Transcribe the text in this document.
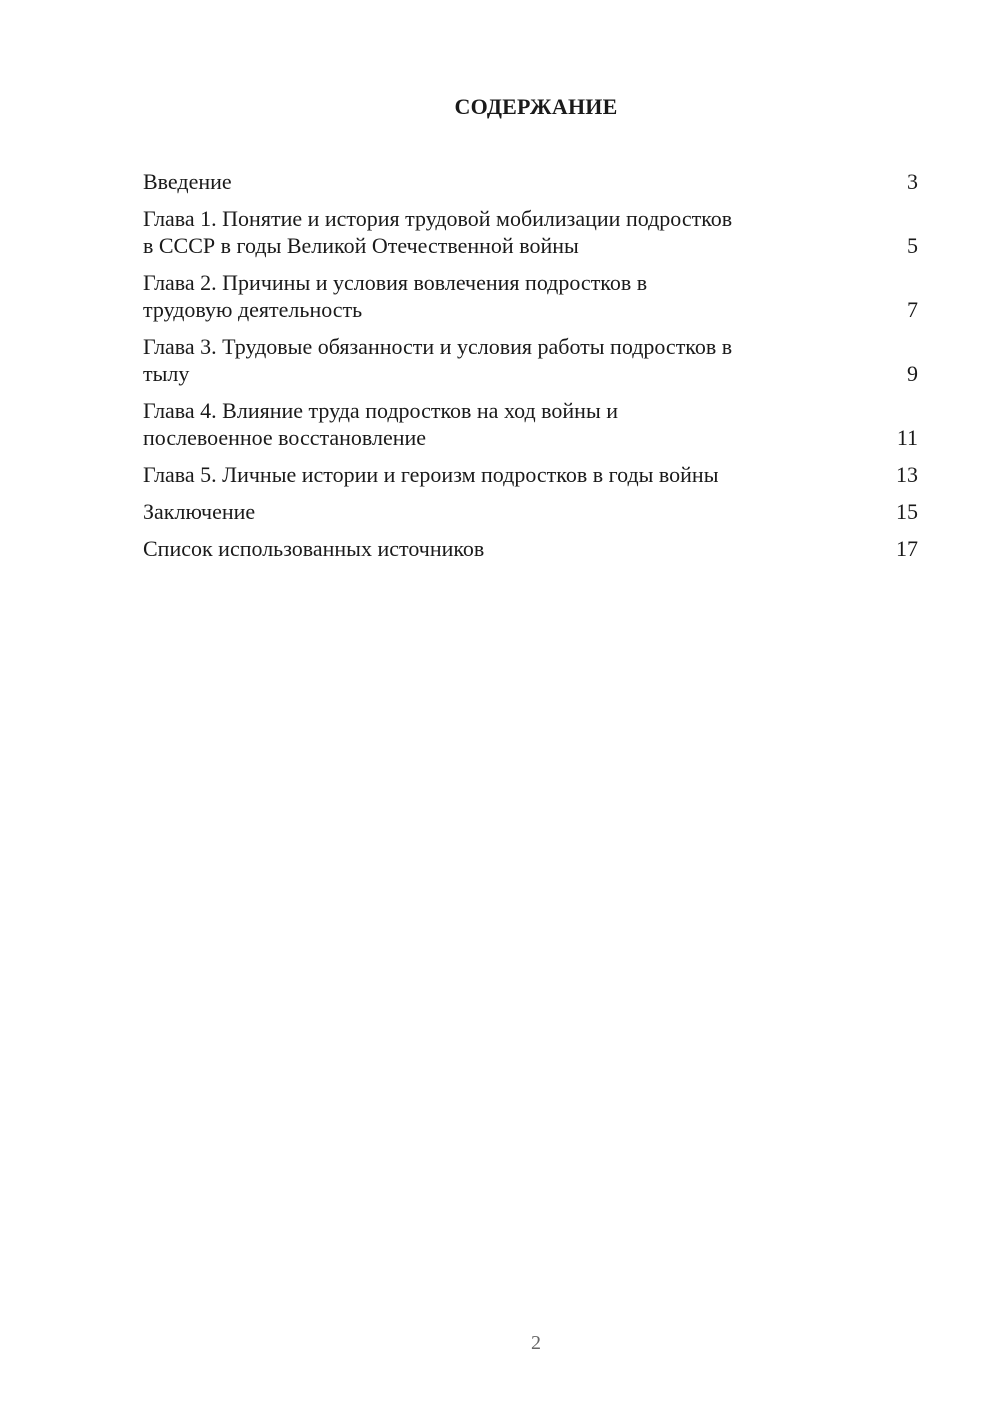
СОДЕРЖАНИЕ
Введение	3
Глава 1. Понятие и история трудовой мобилизации подростков
в СССР в годы Великой Отечественной войны	5
Глава 2. Причины и условия вовлечения подростков в
трудовую деятельность	7
Глава 3. Трудовые обязанности и условия работы подростков в
тылу	9
Глава 4. Влияние труда подростков на ход войны и
послевоенное восстановление	11
Глава 5. Личные истории и героизм подростков в годы войны	13
Заключение	15
Список использованных источников	17
2
